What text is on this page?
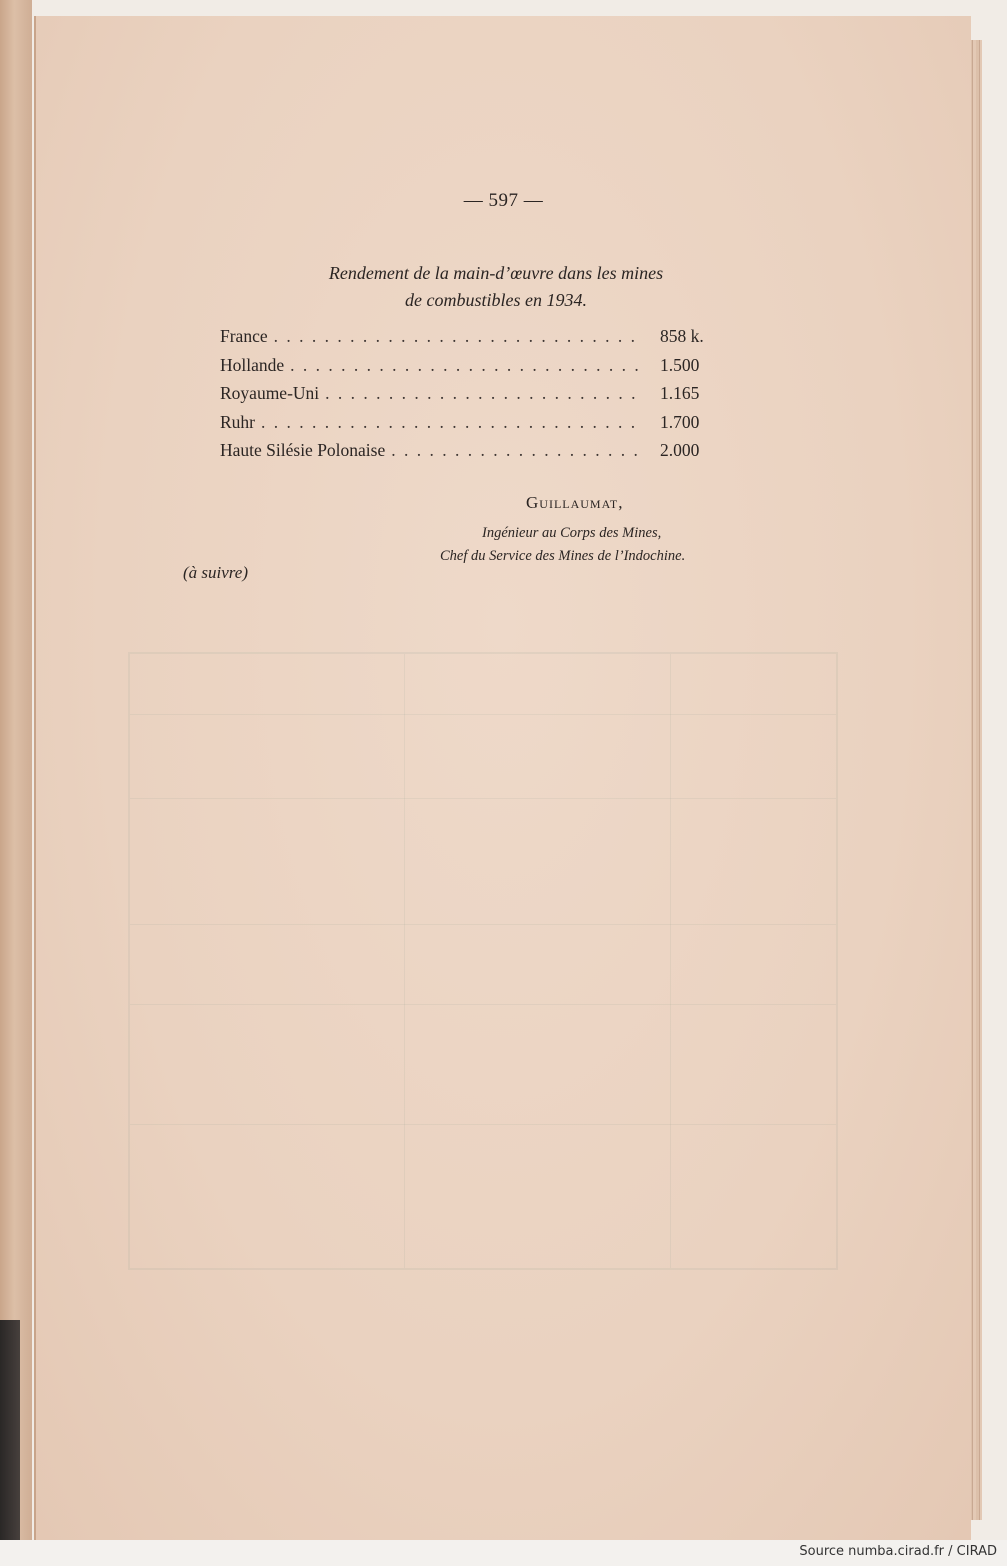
— 597 —
Rendement de la main-d’œuvre dans les mines
de combustibles en 1934.
France . . .	858 k.
Hollande . . .	1.500
Royaume-Uni . . .	1.165
Ruhr . . .	1.700
Haute Silésie Polonaise . . .	2.000
Guillaumat,
Ingénieur au Corps des Mines,
Chef du Service des Mines de l’Indochine.
(à suivre)
Source numba.cirad.fr / CIRAD
